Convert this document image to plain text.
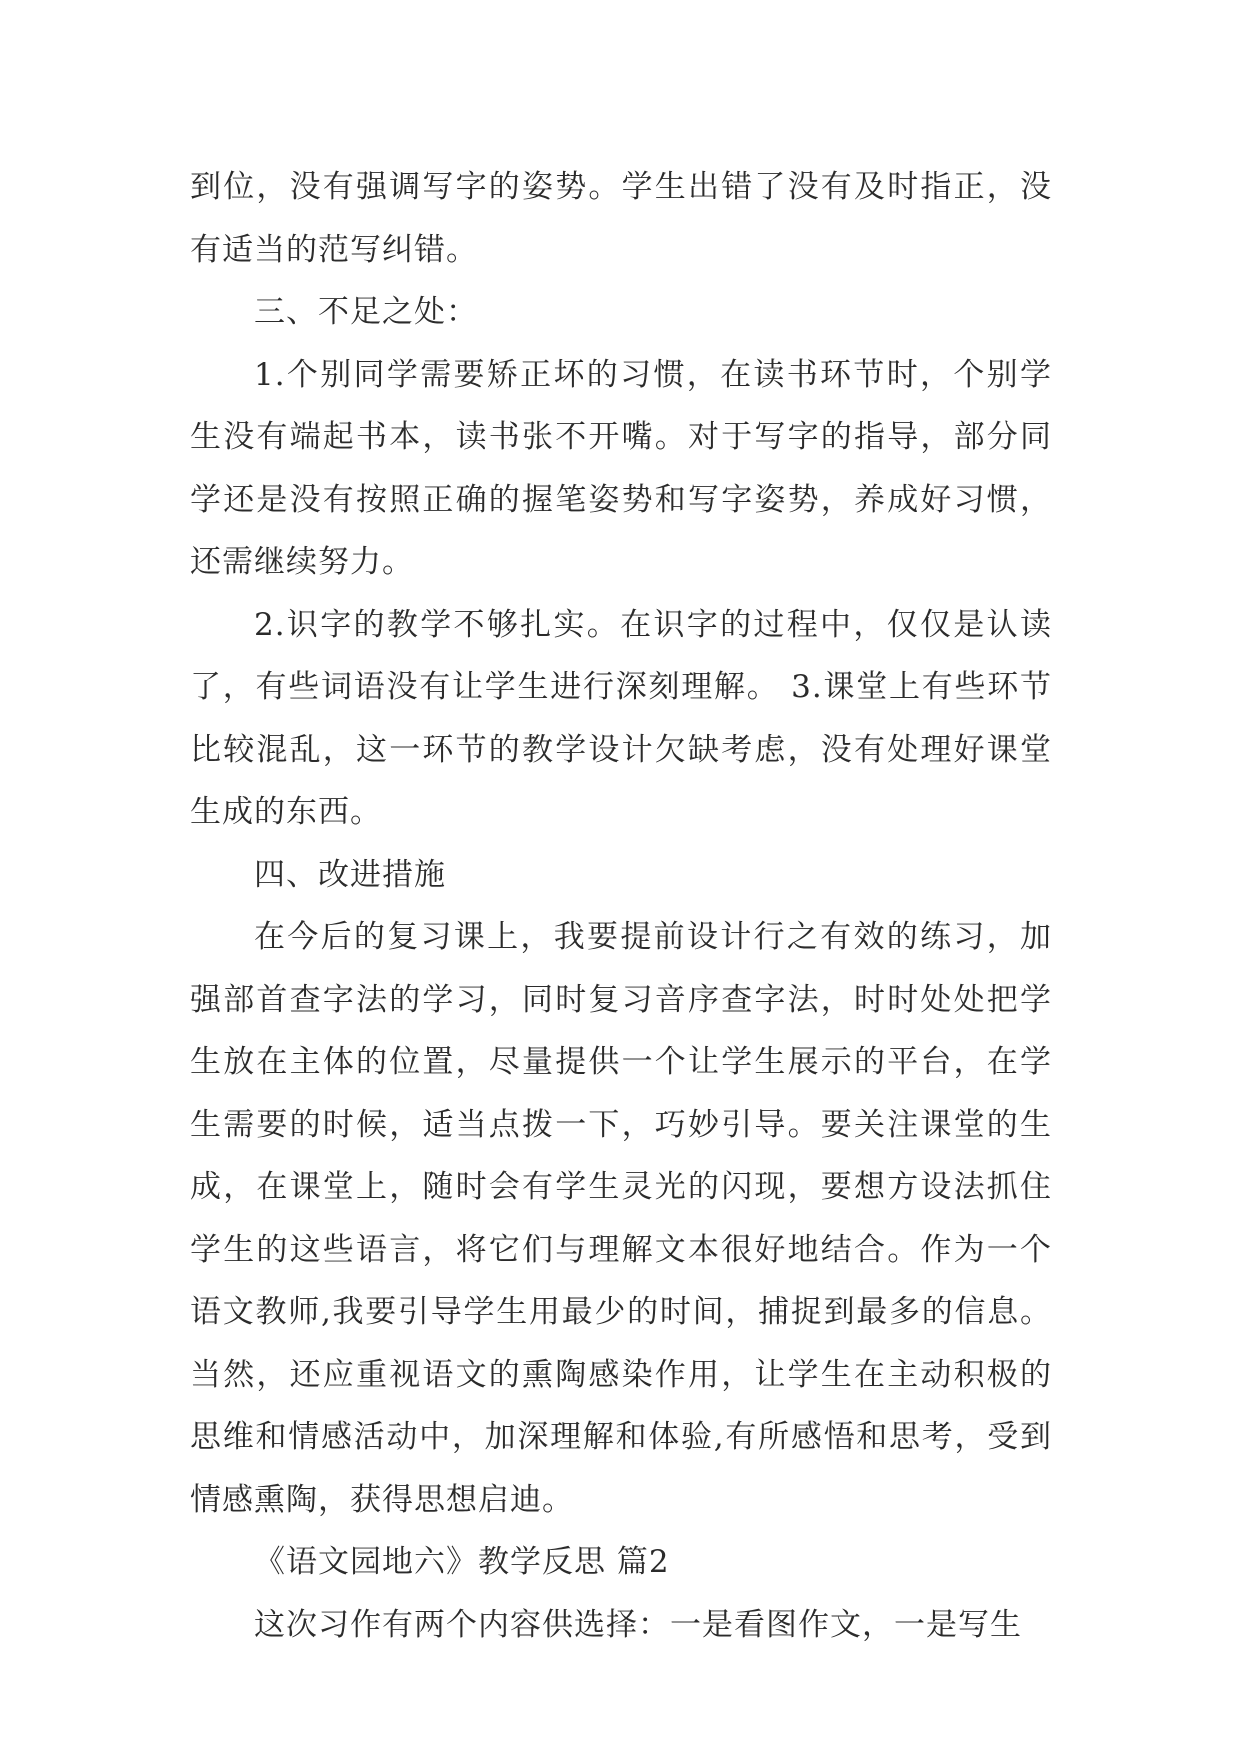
到位，没有强调写字的姿势。学生出错了没有及时指正，没有适当的范写纠错。

三、不足之处：

1.个别同学需要矫正坏的习惯，在读书环节时，个别学生没有端起书本，读书张不开嘴。对于写字的指导，部分同学还是没有按照正确的握笔姿势和写字姿势，养成好习惯，还需继续努力。

2.识字的教学不够扎实。在识字的过程中，仅仅是认读了，有些词语没有让学生进行深刻理解。 3.课堂上有些环节比较混乱，这一环节的教学设计欠缺考虑，没有处理好课堂生成的东西。

四、改进措施

在今后的复习课上，我要提前设计行之有效的练习，加强部首查字法的学习，同时复习音序查字法，时时处处把学生放在主体的位置，尽量提供一个让学生展示的平台，在学生需要的时候，适当点拨一下，巧妙引导。要关注课堂的生成，在课堂上，随时会有学生灵光的闪现，要想方设法抓住学生的这些语言，将它们与理解文本很好地结合。作为一个语文教师,我要引导学生用最少的时间，捕捉到最多的信息。当然，还应重视语文的熏陶感染作用，让学生在主动积极的思维和情感活动中，加深理解和体验,有所感悟和思考，受到情感熏陶，获得思想启迪。

《语文园地六》教学反思 篇2

这次习作有两个内容供选择：一是看图作文，一是写生
